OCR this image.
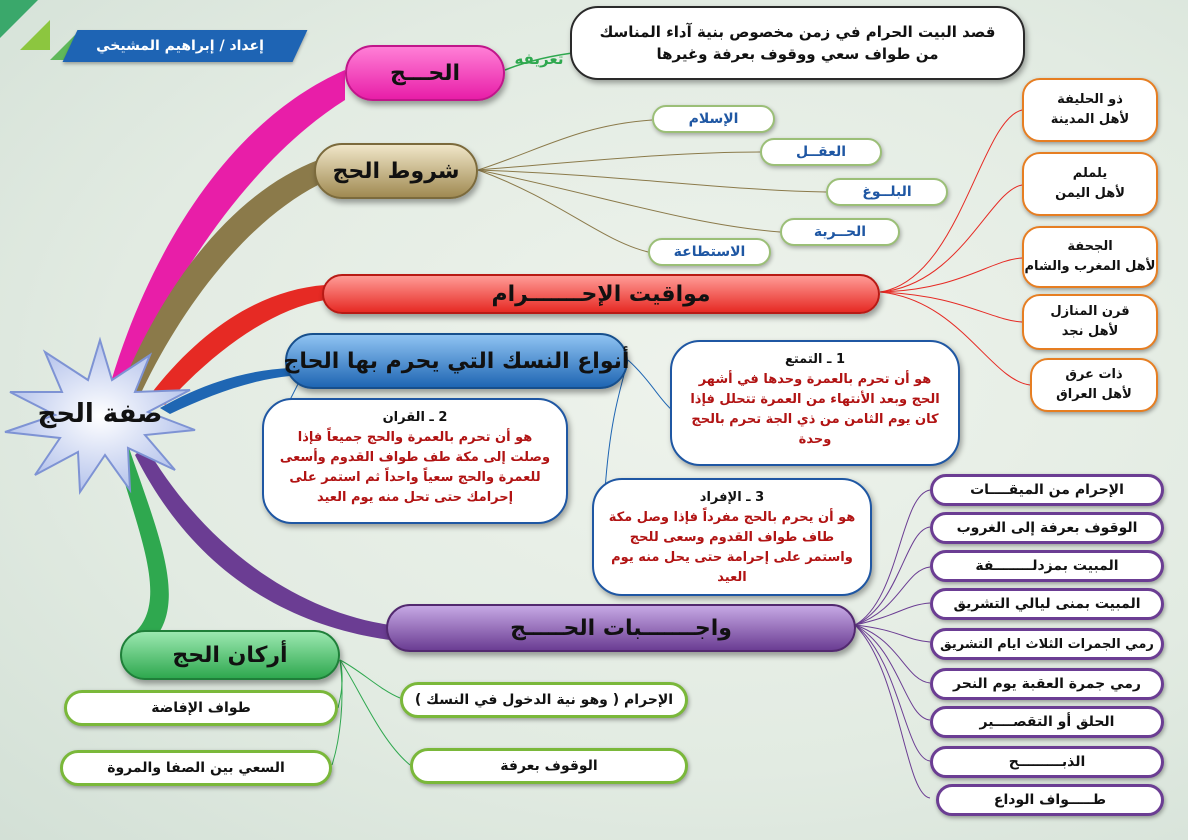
إعداد / إبراهيم المشيخي
صفة الحج
الحـــج
تعريفه
قصد البيت الحرام في زمن مخصوص بنية آداء المناسك من طواف سعي ووقوف بعرفة وغيرها
شروط الحج
الإسلام
العقــل
البلــوغ
الحــرية
الاستطاعة
مواقيت الإحـــــــرام
ذو الحليفة
لأهل المدينة
يلملم
لأهل اليمن
الجحفة
لأهل المغرب والشام
قرن المنازل
لأهل نجد
ذات عرق
لأهل العراق
أنواع النسك التي يحرم بها الحاج	1 ـ التمتع
هو أن تحرم بالعمرة وحدها في أشهر الحج وبعد الأنتهاء من العمرة تتحلل فإذا كان يوم الثامن من ذي الجة تحرم بالحج وحدة
2 ـ القران
هو أن تحرم بالعمرة والحج جميعاً فإذا وصلت إلى مكة طف طواف القدوم وأسعى للعمرة والحج سعياً واحداً ثم استمر على إحرامك حتى تحل منه يوم العيد	3 ـ الإفراد
هو أن يحرم بالحج مفرداً فإذا وصل مكة طاف طواف القدوم وسعى للحج واستمر على إحرامة حتى يحل منه يوم العيد
واجـــــــبات الحـــــج
الإحرام من الميقــــات
الوقوف بعرفة إلى الغروب
المبيت بمزدلــــــــفة
المبيت بمنى ليالي التشريق
رمي الجمرات الثلاث ايام التشريق
رمي جمرة العقبة يوم النحر
الحلق أو التقصــــير
الذبـــــــــح
طـــــواف الوداع
أركان الحج
الإحرام ( وهو نية الدخول في النسك )
طواف الإفاضة
الوقوف بعرفة
السعي بين الصفا والمروة
